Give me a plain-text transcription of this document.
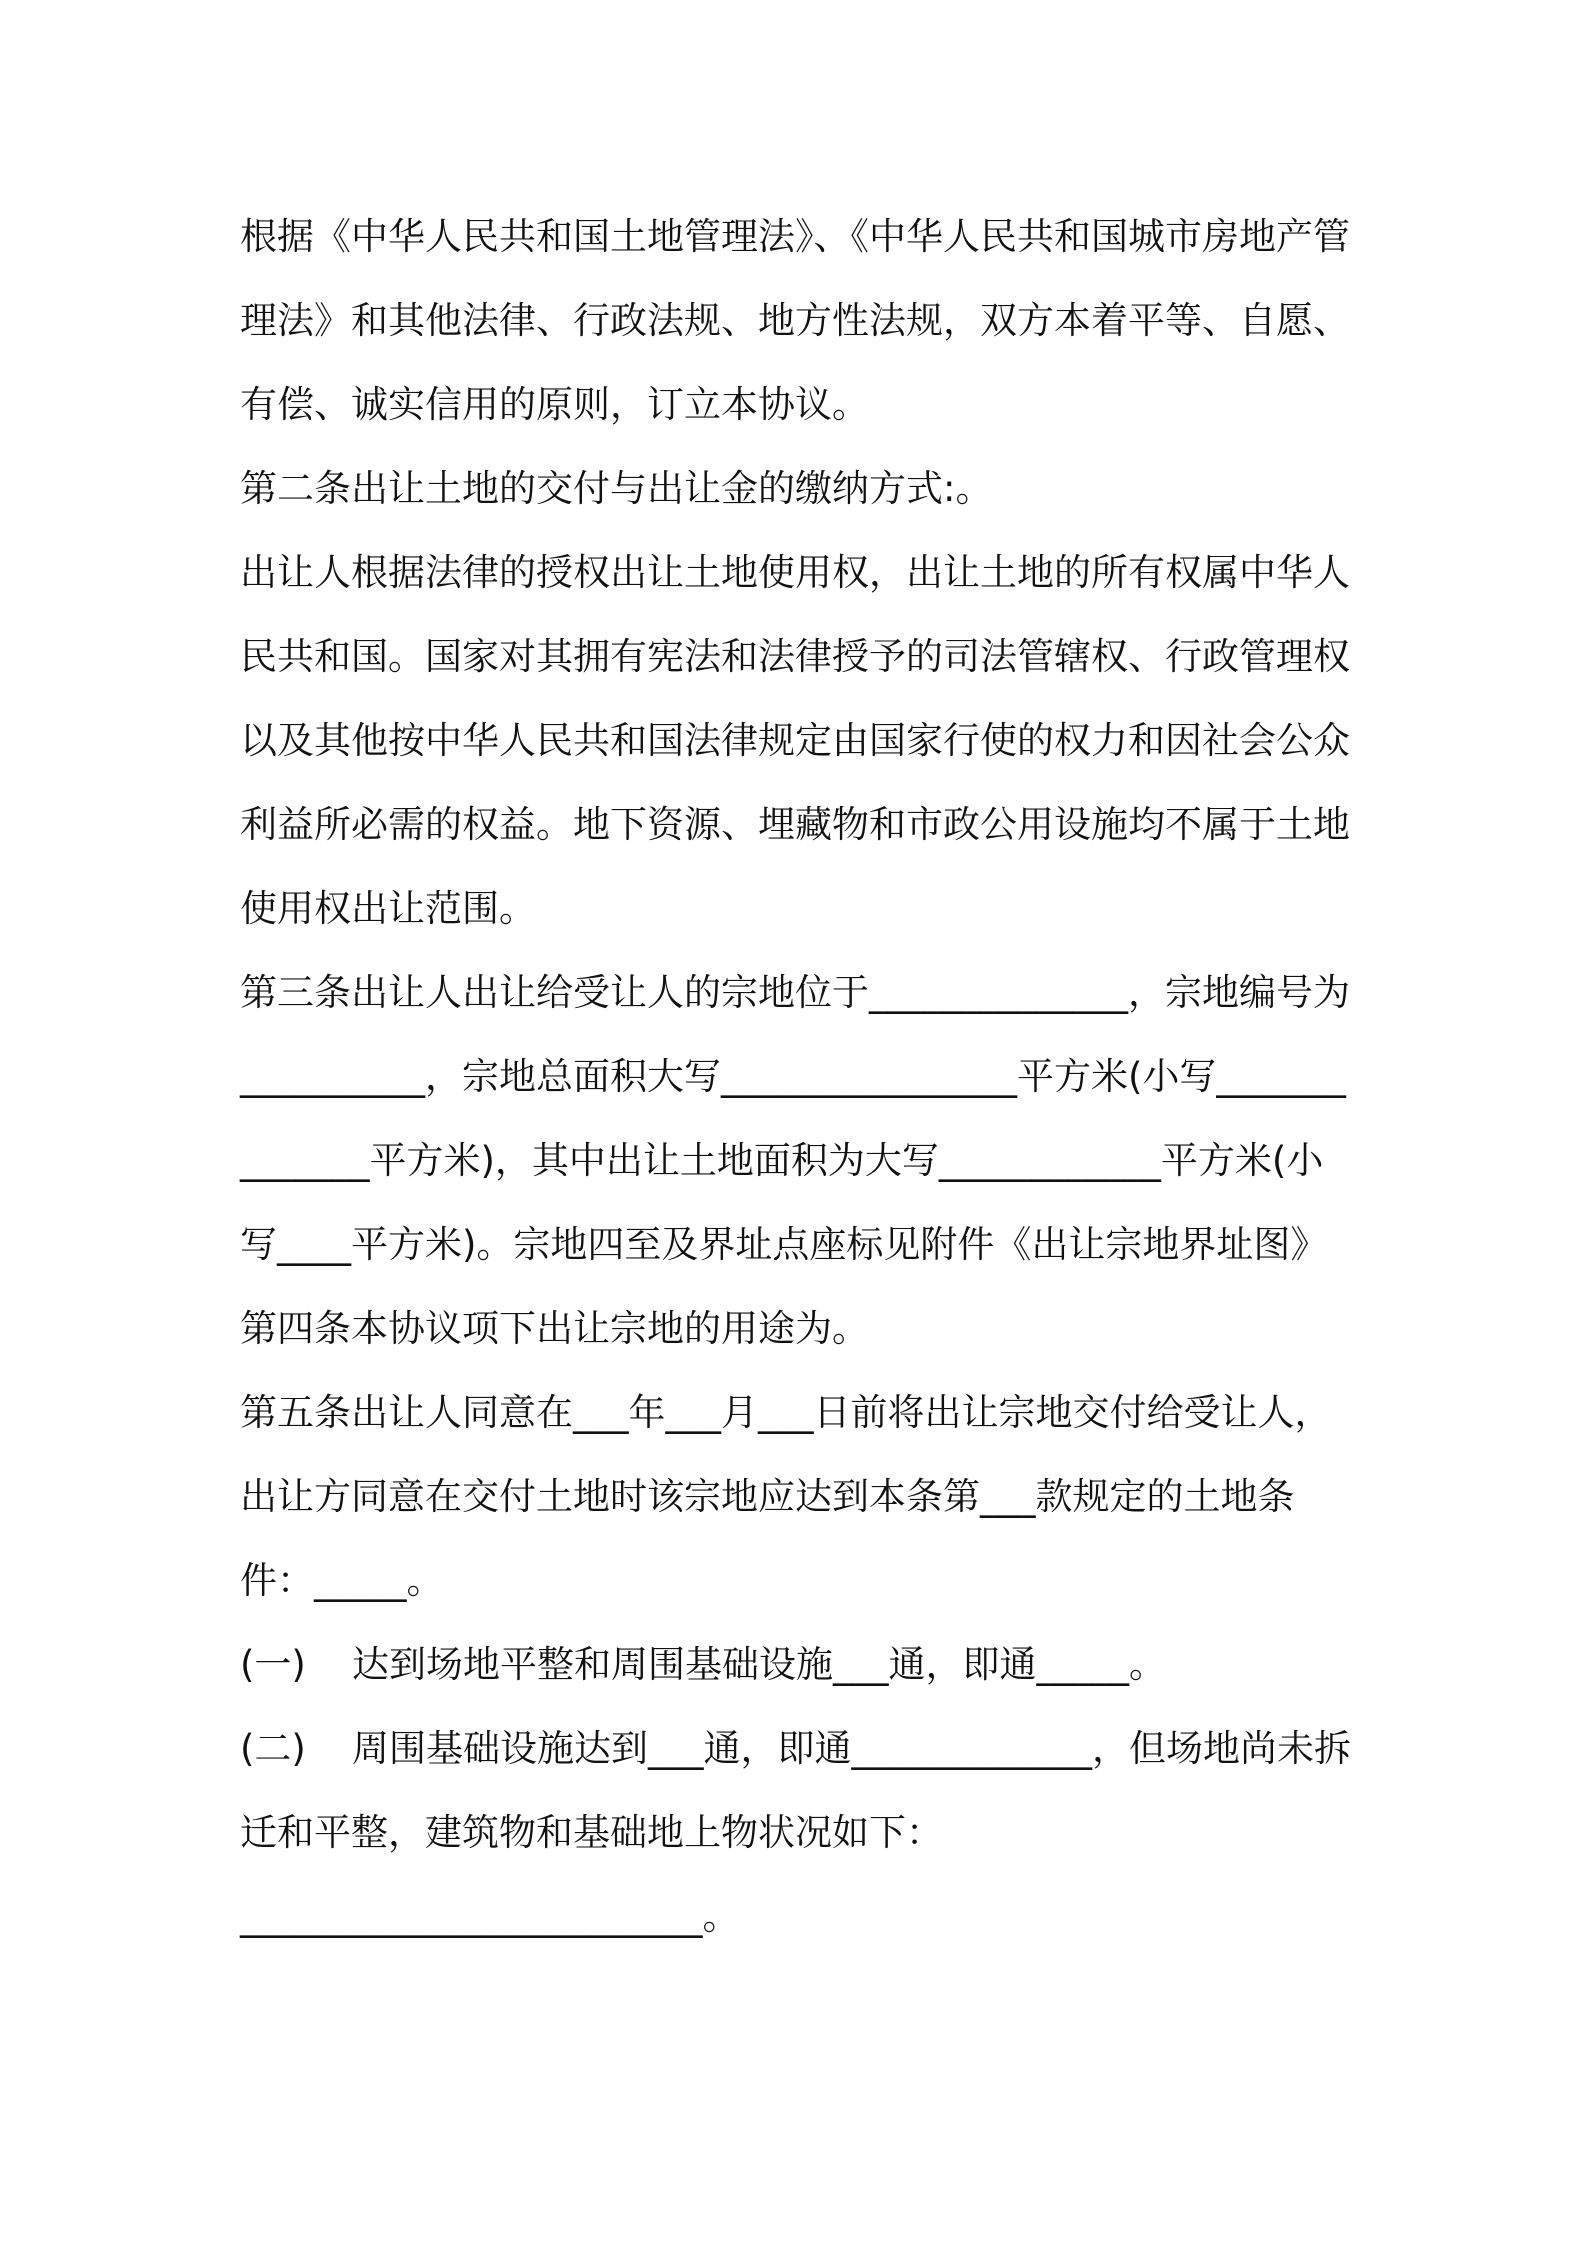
根据《中华人民共和国土地管理法》、《中华人民共和国城市房地产管理法》和其他法律、行政法规、地方性法规，双方本着平等、自愿、有偿、诚实信用的原则，订立本协议。

第二条出让土地的交付与出让金的缴纳方式:。

出让人根据法律的授权出让土地使用权，出让土地的所有权属中华人民共和国。国家对其拥有宪法和法律授予的司法管辖权、行政管理权以及其他按中华人民共和国法律规定由国家行使的权力和因社会公众利益所必需的权益。地下资源、埋藏物和市政公用设施均不属于土地使用权出让范围。

第三条出让人出让给受让人的宗地位于______________，宗地编号为__________，宗地总面积大写________________平方米(小写______________平方米)，其中出让土地面积为大写____________平方米(小写____平方米)。宗地四至及界址点座标见附件《出让宗地界址图》

第四条本协议项下出让宗地的用途为。

第五条出让人同意在___年___月___日前将出让宗地交付给受让人，出让方同意在交付土地时该宗地应达到本条第___款规定的土地条件：_____。

(一)	达到场地平整和周围基础设施___通，即通_____。
(二) 周围基础设施达到___通，即通_____________，但场地尚未拆迁和平整，建筑物和基础地上物状况如下：

_________________________。
